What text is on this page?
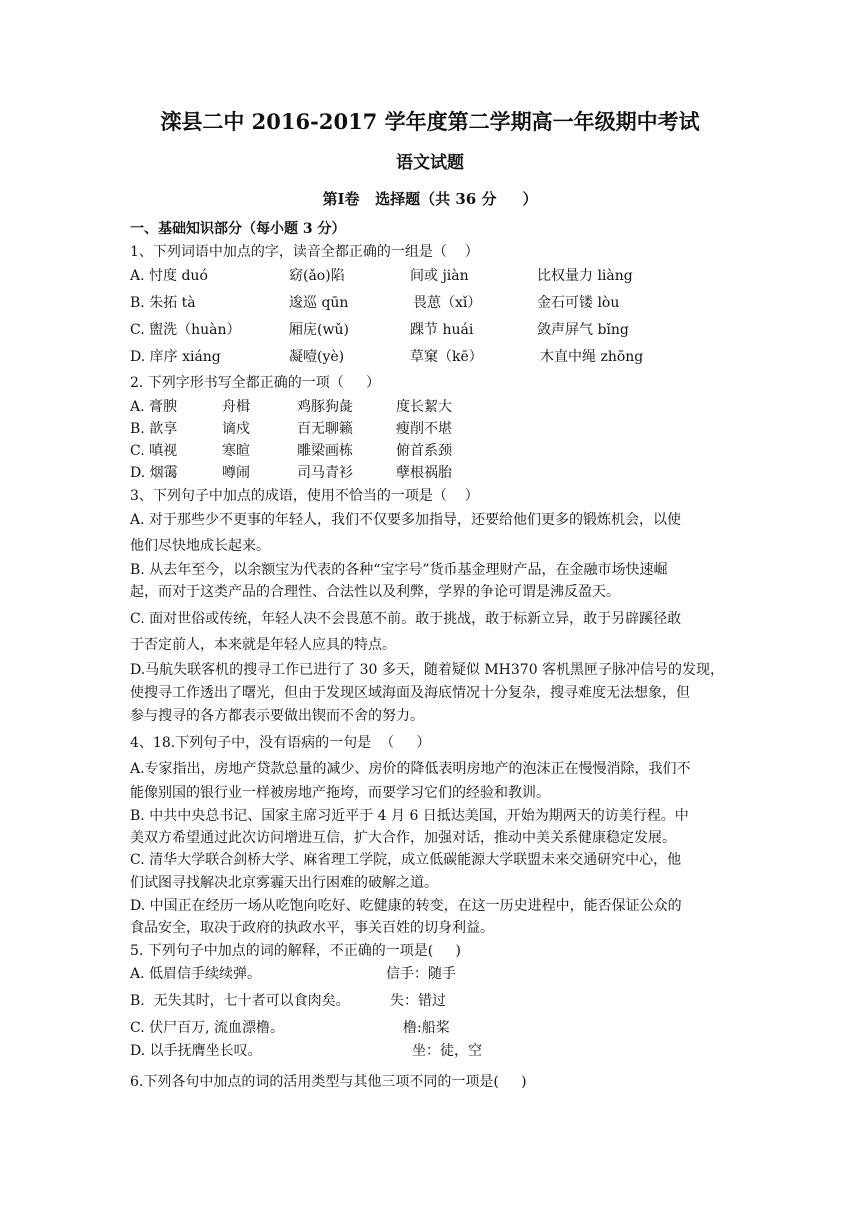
滦县二中 2016-2017 学年度第二学期高一年级期中考试
语文试题
第Ⅰ卷   选择题（共 36 分     ）
一、基础知识部分（每小题 3 分）
1、下列词语中加点的字，读音全都正确的一组是（    ）
A. 忖度 duó	窈(ǎo)陷	间或 jiàn	比权量力 liàng
B. 朱拓 tà	逡巡 qūn	畏葸（xǐ）	金石可镂 lòu
C. 盥洗（huàn）	厢庑(wǔ)	踝节 huái	敛声屏气 bǐng
D. 庠序 xiáng	凝噎(yè)	草窠（kē）	木直中绳 zhōng
2. 下列字形书写全都正确的一项（     ）
A. 膏腴	舟楫	鸡豚狗彘	度长絜大
B. 歆享	谪戍	百无聊籁	瘦削不堪
C. 嗔视	寒暄	雕梁画栋	俯首系颈
D. 烟霭	噂闹	司马青衫	孽根祸胎
3、下列句子中加点的成语，使用不恰当的一项是（    ）
A. 对于那些少不更事的年轻人，我们不仅要多加指导，还要给他们更多的锻炼机会，以使
他们尽快地成长起来。
B. 从去年至今，以余额宝为代表的各种“宝字号”货币基金理财产品，在金融市场快速崛
起，而对于这类产品的合理性、合法性以及利弊，学界的争论可谓是沸反盈天。
C. 面对世俗或传统，年轻人决不会畏葸不前。敢于挑战，敢于标新立异，敢于另辟蹊径敢
于否定前人，本来就是年轻人应具的特点。
D.马航失联客机的搜寻工作已进行了 30 多天，随着疑似 MH370 客机黑匣子脉冲信号的发现，
使搜寻工作透出了曙光，但由于发现区域海面及海底情况十分复杂，搜寻难度无法想象，但
参与搜寻的各方都表示要做出锲而不舍的努力。
4、18.下列句子中，没有语病的一句是  （     ）
A.专家指出，房地产贷款总量的减少、房价的降低表明房地产的泡沫正在慢慢消除，我们不
能像别国的银行业一样被房地产拖垮，而要学习它们的经验和教训。
B. 中共中央总书记、国家主席习近平于 4 月 6 日抵达美国，开始为期两天的访美行程。中
美双方希望通过此次访问增进互信，扩大合作，加强对话，推动中美关系健康稳定发展。
C. 清华大学联合剑桥大学、麻省理工学院，成立低碳能源大学联盟未来交通研究中心，他
们试图寻找解决北京雾霾天出行困难的破解之道。
D. 中国正在经历一场从吃饱向吃好、吃健康的转变，在这一历史进程中，能否保证公众的
食品安全，取决于政府的执政水平，事关百姓的切身利益。
5. 下列句子中加点的词的解释，不正确的一项是(     )
A. 低眉信手续续弹。	信手：随手
B.  无失其时，七十者可以食肉矣。	失：错过
C. 伏尸百万, 流血漂橹。	橹:船桨
D. 以手抚膺坐长叹。	坐：徒，空
6.下列各句中加点的词的活用类型与其他三项不同的一项是(     )
